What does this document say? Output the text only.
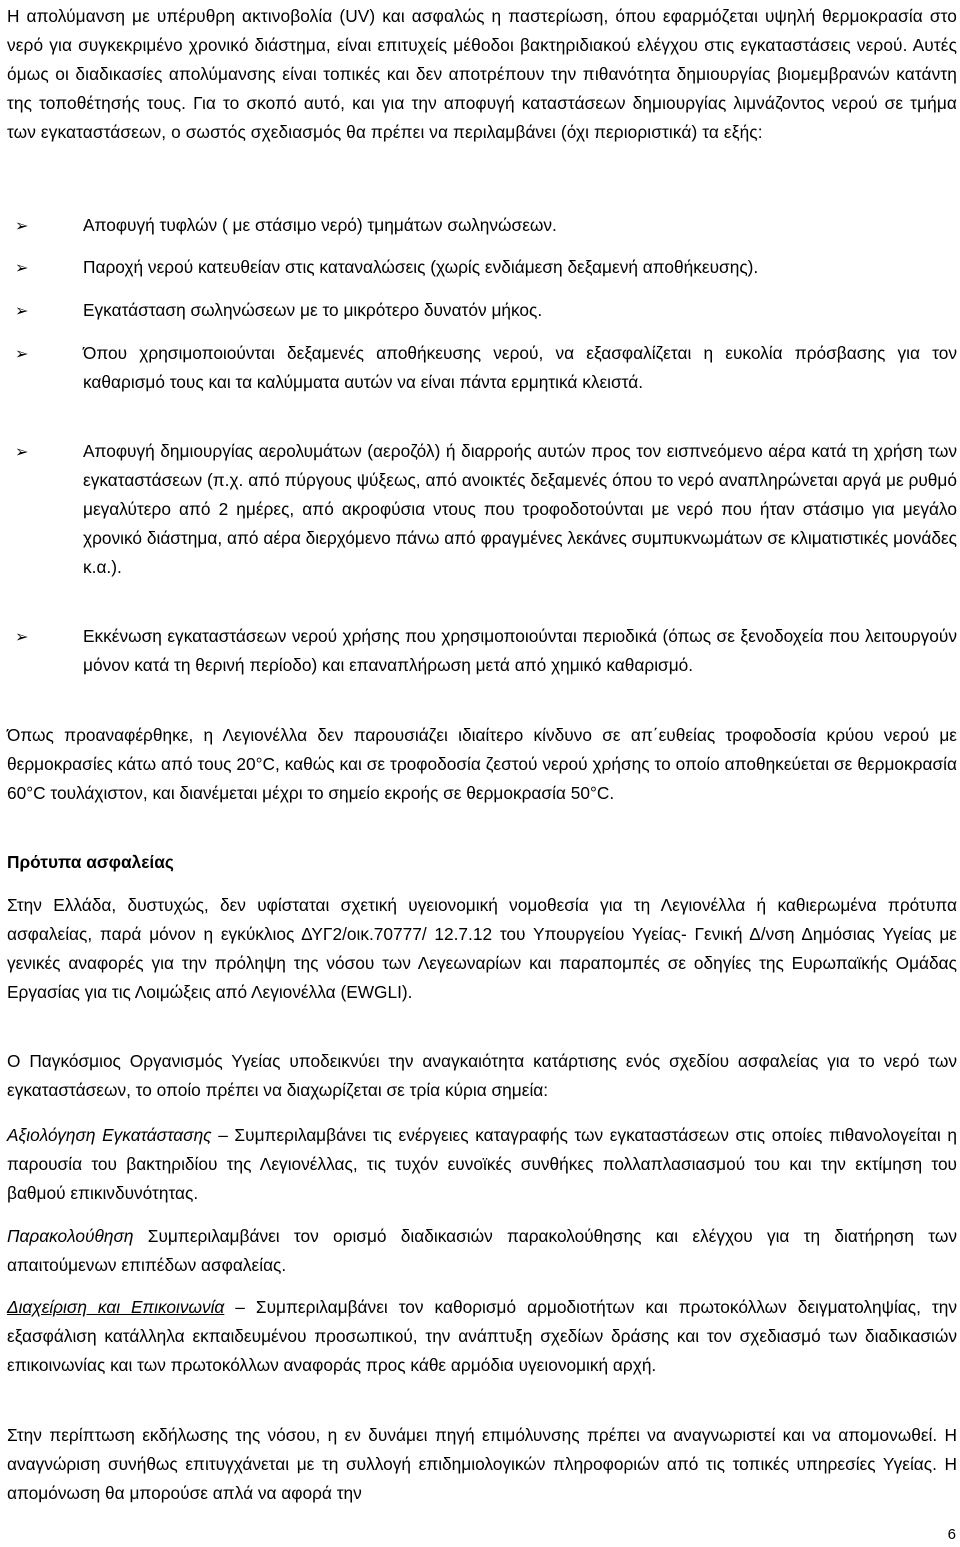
Η απολύμανση με υπέρυθρη ακτινοβολία (UV) και ασφαλώς η παστερίωση, όπου εφαρμόζεται υψηλή θερμοκρασία στο νερό για συγκεκριμένο χρονικό διάστημα, είναι επιτυχείς μέθοδοι βακτηριδιακού ελέγχου στις εγκαταστάσεις νερού. Αυτές όμως οι διαδικασίες απολύμανσης είναι τοπικές και δεν αποτρέπουν την πιθανότητα δημιουργίας βιομεμβρανών κατάντη της τοποθέτησής τους. Για το σκοπό αυτό, και για την αποφυγή καταστάσεων δημιουργίας λιμνάζοντος νερού σε τμήμα των εγκαταστάσεων, ο σωστός σχεδιασμός θα πρέπει να περιλαμβάνει (όχι περιοριστικά) τα εξής:

➢	Αποφυγή τυφλών ( με στάσιμο νερό) τμημάτων σωληνώσεων.

➢	Παροχή νερού κατευθείαν στις καταναλώσεις (χωρίς ενδιάμεση δεξαμενή αποθήκευσης).

➢	Εγκατάσταση σωληνώσεων με το μικρότερο δυνατόν μήκος.

➢	Όπου χρησιμοποιούνται δεξαμενές αποθήκευσης νερού, να εξασφαλίζεται η ευκολία πρόσβασης για τον καθαρισμό τους και τα καλύμματα αυτών να είναι πάντα ερμητικά κλειστά.

➢	Αποφυγή δημιουργίας αερολυμάτων (αεροζόλ) ή διαρροής αυτών προς τον εισπνεόμενο αέρα κατά τη χρήση των εγκαταστάσεων (π.χ. από πύργους ψύξεως, από ανοικτές δεξαμενές όπου το νερό αναπληρώνεται αργά με ρυθμό μεγαλύτερο από 2 ημέρες, από ακροφύσια ντους που τροφοδοτούνται με νερό που ήταν στάσιμο για μεγάλο χρονικό διάστημα, από αέρα διερχόμενο πάνω από φραγμένες λεκάνες συμπυκνωμάτων σε κλιματιστικές μονάδες κ.α.).

➢	Εκκένωση εγκαταστάσεων νερού χρήσης που χρησιμοποιούνται περιοδικά (όπως σε ξενοδοχεία που λειτουργούν μόνον κατά τη θερινή περίοδο) και επαναπλήρωση μετά από χημικό καθαρισμό.

Όπως προαναφέρθηκε, η Λεγιονέλλα δεν παρουσιάζει ιδιαίτερο κίνδυνο σε απ΄ευθείας τροφοδοσία κρύου νερού με θερμοκρασίες κάτω από τους 20°C, καθώς και σε τροφοδοσία ζεστού νερού χρήσης το οποίο αποθηκεύεται σε θερμοκρασία 60°C τουλάχιστον, και διανέμεται μέχρι το σημείο εκροής σε θερμοκρασία 50°C.

Πρότυπα ασφαλείας

Στην Ελλάδα, δυστυχώς, δεν υφίσταται σχετική υγειονομική νομοθεσία για τη Λεγιονέλλα ή καθιερωμένα πρότυπα ασφαλείας, παρά μόνον η εγκύκλιος ΔΥΓ2/οικ.70777/ 12.7.12 του Υπουργείου Υγείας- Γενική Δ/νση Δημόσιας Υγείας με γενικές αναφορές για την πρόληψη της νόσου των Λεγεωναρίων και παραπομπές σε οδηγίες της Ευρωπαϊκής Ομάδας Εργασίας για τις Λοιμώξεις από Λεγιονέλλα (EWGLI).

Ο Παγκόσμιος Οργανισμός Υγείας υποδεικνύει την αναγκαιότητα κατάρτισης ενός σχεδίου ασφαλείας για το νερό των εγκαταστάσεων, το οποίο πρέπει να διαχωρίζεται σε τρία κύρια σημεία:

Αξιολόγηση Εγκατάστασης – Συμπεριλαμβάνει τις ενέργειες καταγραφής των εγκαταστάσεων στις οποίες πιθανολογείται η παρουσία του βακτηριδίου της Λεγιονέλλας, τις τυχόν ευνοϊκές συνθήκες πολλαπλασιασμού του και την εκτίμηση του βαθμού επικινδυνότητας.

Παρακολούθηση Συμπεριλαμβάνει τον ορισμό διαδικασιών παρακολούθησης και ελέγχου για τη διατήρηση των απαιτούμενων επιπέδων ασφαλείας.

Διαχείριση και Επικοινωνία – Συμπεριλαμβάνει τον καθορισμό αρμοδιοτήτων και πρωτοκόλλων δειγματοληψίας, την εξασφάλιση κατάλληλα εκπαιδευμένου προσωπικού, την ανάπτυξη σχεδίων δράσης και τον σχεδιασμό των διαδικασιών επικοινωνίας και των πρωτοκόλλων αναφοράς προς κάθε αρμόδια υγειονομική αρχή.

Στην περίπτωση εκδήλωσης της νόσου, η εν δυνάμει πηγή επιμόλυνσης πρέπει να αναγνωριστεί και να απομονωθεί. Η αναγνώριση συνήθως επιτυγχάνεται με τη συλλογή επιδημιολογικών πληροφοριών από τις τοπικές υπηρεσίες Υγείας. Η απομόνωση θα μπορούσε απλά να αφορά την

6
